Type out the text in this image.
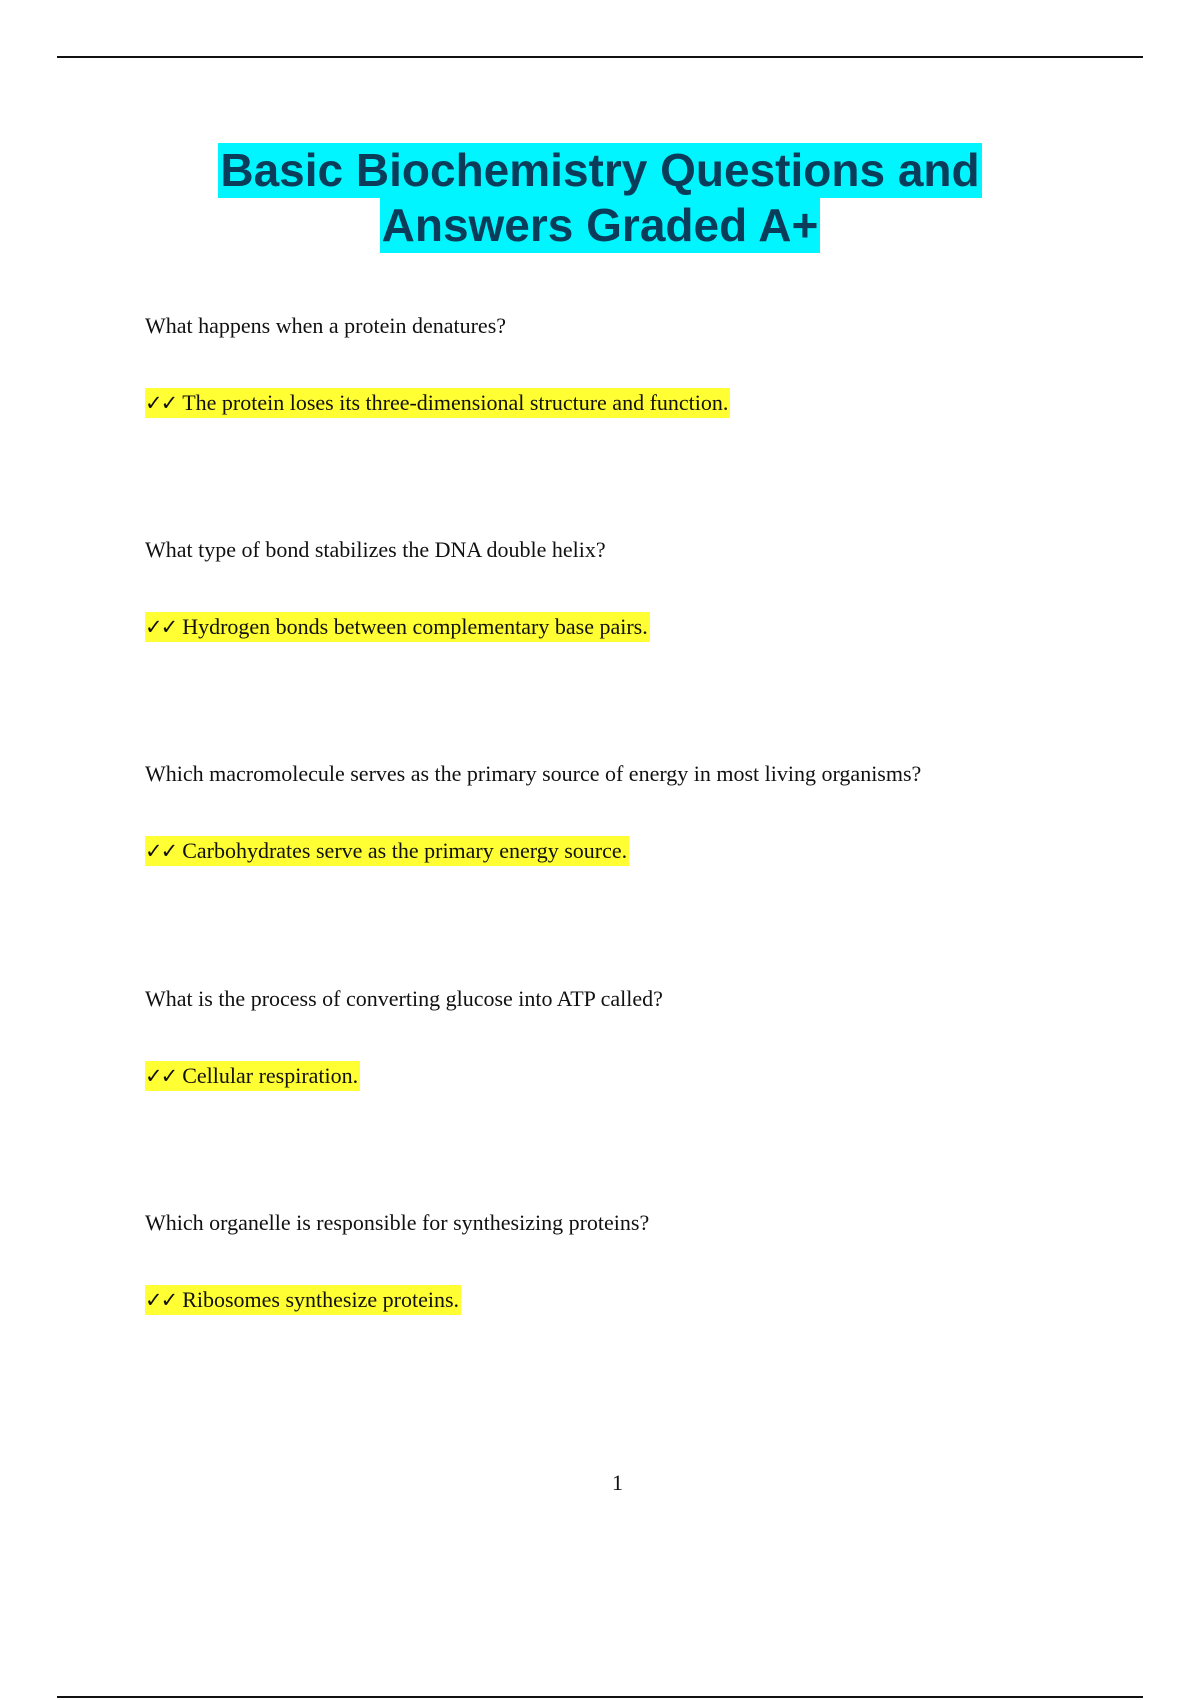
Basic Biochemistry Questions and
Answers Graded A+

What happens when a protein denatures?

✓✓ The protein loses its three-dimensional structure and function.

What type of bond stabilizes the DNA double helix?

✓✓ Hydrogen bonds between complementary base pairs.

Which macromolecule serves as the primary source of energy in most living organisms?

✓✓ Carbohydrates serve as the primary energy source.

What is the process of converting glucose into ATP called?

✓✓ Cellular respiration.

Which organelle is responsible for synthesizing proteins?

✓✓ Ribosomes synthesize proteins.
1
